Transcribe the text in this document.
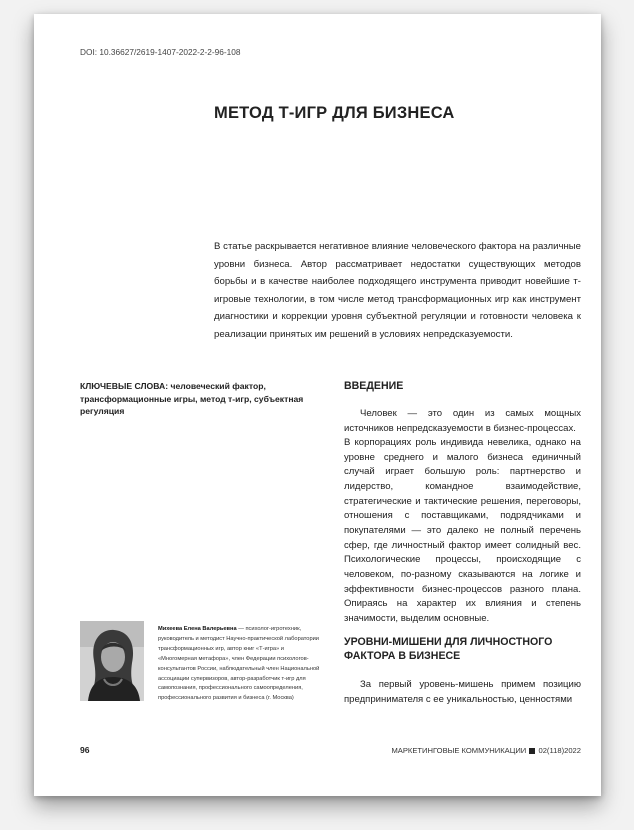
DOI: 10.36627/2619-1407-2022-2-2-96-108
МЕТОД Т-ИГР ДЛЯ БИЗНЕСА

В статье раскрывается негативное влияние человеческого фактора на различные уровни бизнеса. Автор рассматривает недостатки существующих методов борьбы и в качестве наиболее подходящего инструмента приводит новейшие т-игровые технологии, в том числе метод трансформационных игр как инструмент диагностики и коррекции уровня субъектной регуляции и готовности человека к реализации принятых им решений в условиях непредсказуемости.

КЛЮЧЕВЫЕ СЛОВА: человеческий фактор, трансформационные игры, метод т-игр, субъектная регуляция

ВВЕДЕНИЕ

Человек — это один из самых мощных источников непредсказуемости в бизнес-процессах.

В корпорациях роль индивида невелика, однако на уровне среднего и малого бизнеса единичный случай играет большую роль: партнерство и лидерство, командное взаимодействие, стратегические и тактические решения, переговоры, отношения с поставщиками, подрядчиками и покупателями — это далеко не полный перечень сфер, где личностный фактор имеет солидный вес. Психологические процессы, происходящие с человеком, по-разному сказываются на логике и эффективности бизнес-процессов разного плана. Опираясь на характер их влияния и степень значимости, выделим основные.

УРОВНИ-МИШЕНИ ДЛЯ ЛИЧНОСТНОГО ФАКТОРА В БИЗНЕСЕ

За первый уровень-мишень примем позицию предпринимателя с ее уникальностью, ценностями

Михеева Елена Валерьевна — психолог-игротехник, руководитель и методист Научно-практической лаборатории трансформационных игр, автор книг «Т-игра» и «Многомерная метафора», член Федерации психологов-консультантов России, наблюдательный член Национальной ассоциации супервизоров, автор-разработчик т-игр для самопознания, профессионального самоопределения, профессионального развития и бизнеса (г. Москва)

96	МАРКЕТИНГОВЫЕ КОММУНИКАЦИИ 02(118)2022
